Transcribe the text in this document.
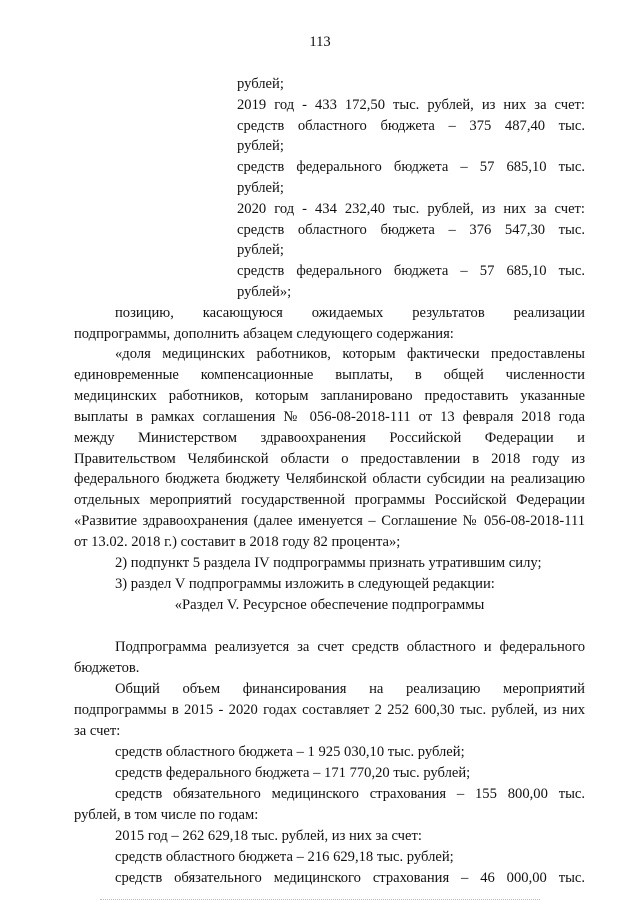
113
рублей;
2019 год - 433 172,50 тыс. рублей, из них за счет:
средств областного бюджета – 375 487,40 тыс.
рублей;
средств федерального бюджета – 57 685,10 тыс.
рублей;
2020 год - 434 232,40 тыс. рублей, из них за счет:
средств областного бюджета – 376 547,30 тыс.
рублей;
средств федерального бюджета – 57 685,10 тыс.
рублей»;
позицию, касающуюся ожидаемых результатов реализации
подпрограммы, дополнить абзацем следующего содержания:
«доля медицинских работников, которым фактически предоставлены
единовременные компенсационные выплаты, в общей численности
медицинских работников, которым запланировано предоставить указанные
выплаты в рамках соглашения № 056-08-2018-111 от 13 февраля 2018 года
между Министерством здравоохранения Российской Федерации и
Правительством Челябинской области о предоставлении в 2018 году из
федерального бюджета бюджету Челябинской области субсидии на реализацию
отдельных мероприятий государственной программы Российской Федерации
«Развитие здравоохранения (далее именуется – Соглашение № 056-08-2018-111
от 13.02. 2018 г.) составит в 2018 году 82 процента»;
2) подпункт 5 раздела IV подпрограммы признать утратившим силу;
3) раздел V подпрограммы изложить в следующей редакции:
«Раздел V. Ресурсное обеспечение подпрограммы
Подпрограмма реализуется за счет средств областного и федерального
бюджетов.
Общий объем финансирования на реализацию мероприятий
подпрограммы в 2015 - 2020 годах составляет 2 252 600,30 тыс. рублей, из них
за счет:
средств областного бюджета – 1 925 030,10 тыс. рублей;
средств федерального бюджета – 171 770,20 тыс. рублей;
средств обязательного медицинского страхования – 155 800,00 тыс.
рублей, в том числе по годам:
2015 год – 262 629,18 тыс. рублей, из них за счет:
средств областного бюджета – 216 629,18 тыс. рублей;
средств обязательного медицинского страхования – 46 000,00 тыс.
